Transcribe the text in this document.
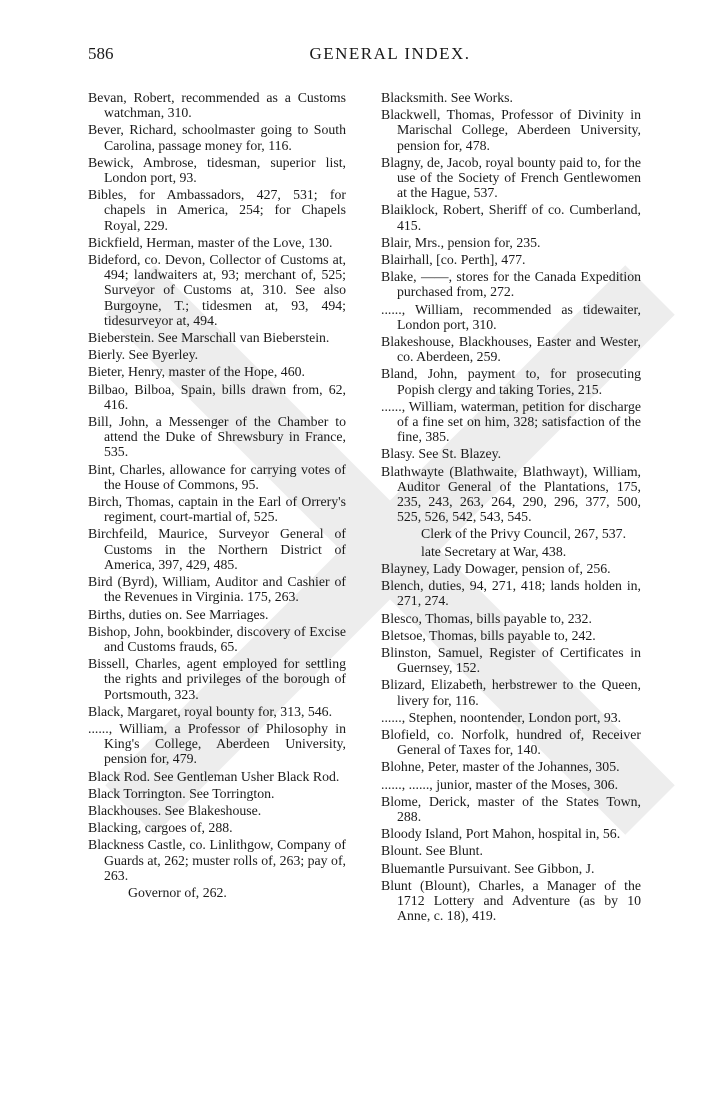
586	GENERAL INDEX.

Bevan, Robert, recommended as a Customs watchman, 310.

Bever, Richard, schoolmaster going to South Carolina, passage money for, 116.

Bewick, Ambrose, tidesman, superior list, London port, 93.

Bibles, for Ambassadors, 427, 531; for chapels in America, 254; for Chapels Royal, 229.

Bickfield, Herman, master of the Love, 130.

Bideford, co. Devon, Collector of Customs at, 494; landwaiters at, 93; merchant of, 525; Surveyor of Customs at, 310. See also Burgoyne, T.; tidesmen at, 93, 494; tidesurveyor at, 494.

Bieberstein. See Marschall van Bieberstein.

Bierly. See Byerley.

Bieter, Henry, master of the Hope, 460.

Bilbao, Bilboa, Spain, bills drawn from, 62, 416.

Bill, John, a Messenger of the Chamber to attend the Duke of Shrewsbury in France, 535.

Bint, Charles, allowance for carrying votes of the House of Commons, 95.

Birch, Thomas, captain in the Earl of Orrery's regiment, court-martial of, 525.

Birchfeild, Maurice, Surveyor General of Customs in the Northern District of America, 397, 429, 485.

Bird (Byrd), William, Auditor and Cashier of the Revenues in Virginia. 175, 263.

Births, duties on. See Marriages.

Bishop, John, bookbinder, discovery of Excise and Customs frauds, 65.

Bissell, Charles, agent employed for settling the rights and privileges of the borough of Portsmouth, 323.

Black, Margaret, royal bounty for, 313, 546.

......, William, a Professor of Philosophy in King's College, Aberdeen University, pension for, 479.

Black Rod. See Gentleman Usher Black Rod.

Black Torrington. See Torrington.

Blackhouses. See Blakeshouse.

Blacking, cargoes of, 288.

Blackness Castle, co. Linlithgow, Company of Guards at, 262; muster rolls of, 263; pay of, 263.

Governor of, 262.

Blacksmith. See Works.

Blackwell, Thomas, Professor of Divinity in Marischal College, Aberdeen University, pension for, 478.

Blagny, de, Jacob, royal bounty paid to, for the use of the Society of French Gentlewomen at the Hague, 537.

Blaiklock, Robert, Sheriff of co. Cumberland, 415.

Blair, Mrs., pension for, 235.

Blairhall, [co. Perth], 477.

Blake, ——, stores for the Canada Expedition purchased from, 272.

......, William, recommended as tidewaiter, London port, 310.

Blakeshouse, Blackhouses, Easter and Wester, co. Aberdeen, 259.

Bland, John, payment to, for prosecuting Popish clergy and taking Tories, 215.

......, William, waterman, petition for discharge of a fine set on him, 328; satisfaction of the fine, 385.

Blasy. See St. Blazey.

Blathwayte (Blathwaite, Blathwayt), William, Auditor General of the Plantations, 175, 235, 243, 263, 264, 290, 296, 377, 500, 525, 526, 542, 543, 545.

Clerk of the Privy Council, 267, 537.

late Secretary at War, 438.

Blayney, Lady Dowager, pension of, 256.

Blench, duties, 94, 271, 418; lands holden in, 271, 274.

Blesco, Thomas, bills payable to, 232.

Bletsoe, Thomas, bills payable to, 242.

Blinston, Samuel, Register of Certificates in Guernsey, 152.

Blizard, Elizabeth, herbstrewer to the Queen, livery for, 116.

......, Stephen, noontender, London port, 93.

Blofield, co. Norfolk, hundred of, Receiver General of Taxes for, 140.

Blohne, Peter, master of the Johannes, 305.

......, ......, junior, master of the Moses, 306.

Blome, Derick, master of the States Town, 288.

Bloody Island, Port Mahon, hospital in, 56.

Blount. See Blunt.

Bluemantle Pursuivant. See Gibbon, J.

Blunt (Blount), Charles, a Manager of the 1712 Lottery and Adventure (as by 10 Anne, c. 18), 419.
